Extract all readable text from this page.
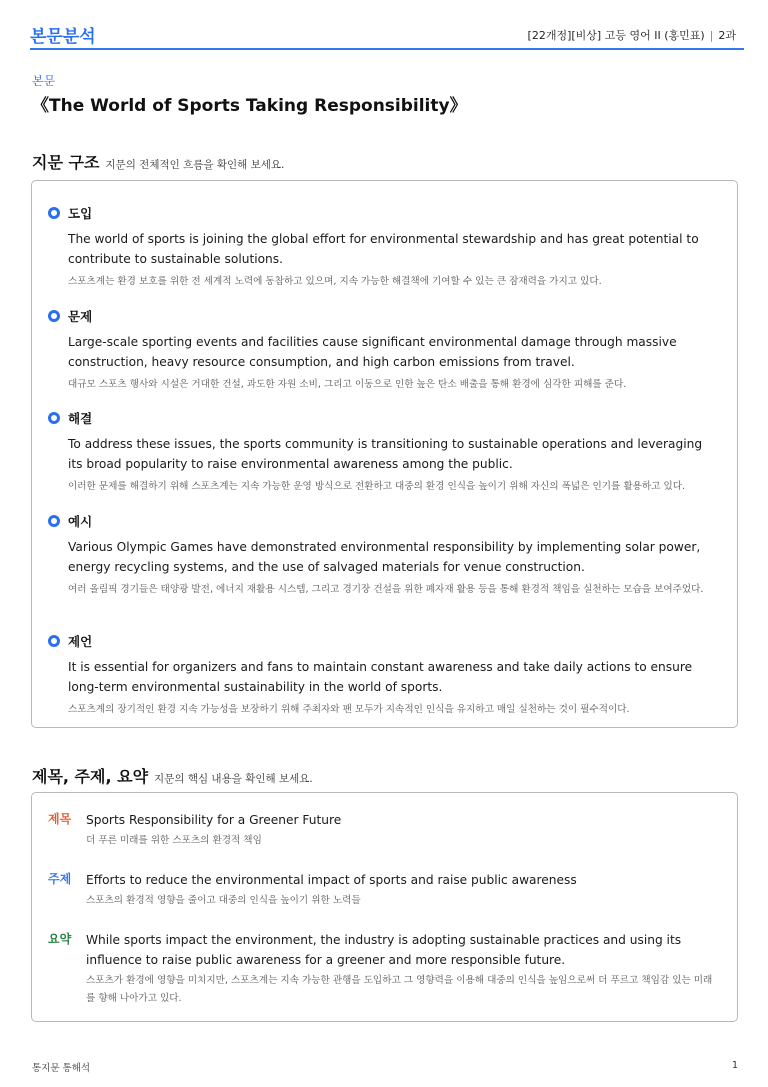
본문분석	[22개정][비상] 고등 영어 II (홍민표) | 2과
본문
《The World of Sports Taking Responsibility》
지문 구조 지문의 전체적인 흐름을 확인해 보세요.
도입
The world of sports is joining the global effort for environmental stewardship and has great potential to contribute to sustainable solutions.
스포츠계는 환경 보호를 위한 전 세계적 노력에 동참하고 있으며, 지속 가능한 해결책에 기여할 수 있는 큰 잠재력을 가지고 있다.
문제
Large-scale sporting events and facilities cause significant environmental damage through massive construction, heavy resource consumption, and high carbon emissions from travel.
대규모 스포츠 행사와 시설은 거대한 건설, 과도한 자원 소비, 그리고 이동으로 인한 높은 탄소 배출을 통해 환경에 심각한 피해를 준다.
해결
To address these issues, the sports community is transitioning to sustainable operations and leveraging its broad popularity to raise environmental awareness among the public.
이러한 문제를 해결하기 위해 스포츠계는 지속 가능한 운영 방식으로 전환하고 대중의 환경 인식을 높이기 위해 자신의 폭넓은 인기를 활용하고 있다.
예시
Various Olympic Games have demonstrated environmental responsibility by implementing solar power, energy recycling systems, and the use of salvaged materials for venue construction.
여러 올림픽 경기들은 태양광 발전, 에너지 재활용 시스템, 그리고 경기장 건설을 위한 폐자재 활용 등을 통해 환경적 책임을 실천하는 모습을 보여주었다.
제언
It is essential for organizers and fans to maintain constant awareness and take daily actions to ensure long-term environmental sustainability in the world of sports.
스포츠계의 장기적인 환경 지속 가능성을 보장하기 위해 주최자와 팬 모두가 지속적인 인식을 유지하고 매일 실천하는 것이 필수적이다.
제목, 주제, 요약 지문의 핵심 내용을 확인해 보세요.
제목 Sports Responsibility for a Greener Future
더 푸른 미래를 위한 스포츠의 환경적 책임
주제 Efforts to reduce the environmental impact of sports and raise public awareness
스포츠의 환경적 영향을 줄이고 대중의 인식을 높이기 위한 노력들
요약 While sports impact the environment, the industry is adopting sustainable practices and using its influence to raise public awareness for a greener and more responsible future.
스포츠가 환경에 영향을 미치지만, 스포츠계는 지속 가능한 관행을 도입하고 그 영향력을 이용해 대중의 인식을 높임으로써 더 푸르고 책임감 있는 미래를 향해 나아가고 있다.
통지문 통해석	1
